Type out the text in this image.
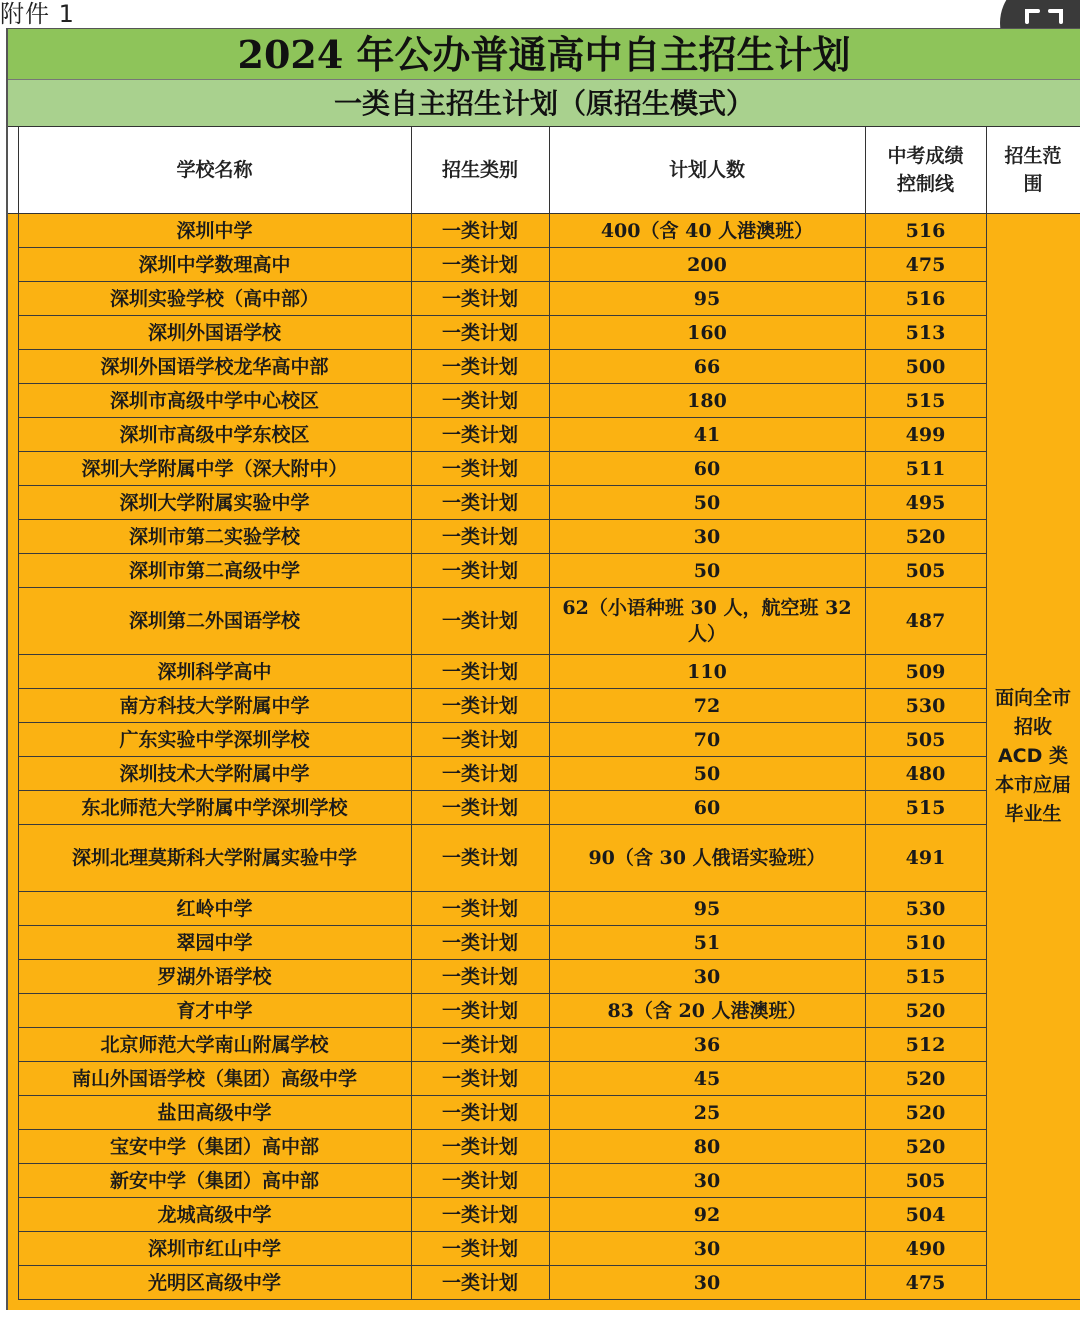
附件 1
2024 年公办普通高中自主招生计划
一类自主招生计划（原招生模式）
	学校名称	招生类别	计划人数	中考成绩
控制线	招生范围
	深圳中学	一类计划	400（含 40 人港澳班）	516	面向全市招收ACD 类本市应届毕业生
	深圳中学数理高中	一类计划	200	475	
	深圳实验学校（高中部）	一类计划	95	516	
	深圳外国语学校	一类计划	160	513	
	深圳外国语学校龙华高中部	一类计划	66	500	
	深圳市高级中学中心校区	一类计划	180	515	
	深圳市高级中学东校区	一类计划	41	499	
	深圳大学附属中学（深大附中）	一类计划	60	511	
	深圳大学附属实验中学	一类计划	50	495	
	深圳市第二实验学校	一类计划	30	520	
	深圳市第二高级中学	一类计划	50	505	
	深圳第二外国语学校	一类计划	62（小语种班 30 人，航空班 32 人）	487	
	深圳科学高中	一类计划	110	509	
	南方科技大学附属中学	一类计划	72	530	
	广东实验中学深圳学校	一类计划	70	505	
	深圳技术大学附属中学	一类计划	50	480	
	东北师范大学附属中学深圳学校	一类计划	60	515	
	深圳北理莫斯科大学附属实验中学	一类计划	90（含 30 人俄语实验班）	491	
	红岭中学	一类计划	95	530	
	翠园中学	一类计划	51	510	
	罗湖外语学校	一类计划	30	515	
	育才中学	一类计划	83（含 20 人港澳班）	520	
	北京师范大学南山附属学校	一类计划	36	512	
	南山外国语学校（集团）高级中学	一类计划	45	520	
	盐田高级中学	一类计划	25	520	
	宝安中学（集团）高中部	一类计划	80	520	
	新安中学（集团）高中部	一类计划	30	505	
	龙城高级中学	一类计划	92	504	
	深圳市红山中学	一类计划	30	490	
	光明区高级中学	一类计划	30	475	
